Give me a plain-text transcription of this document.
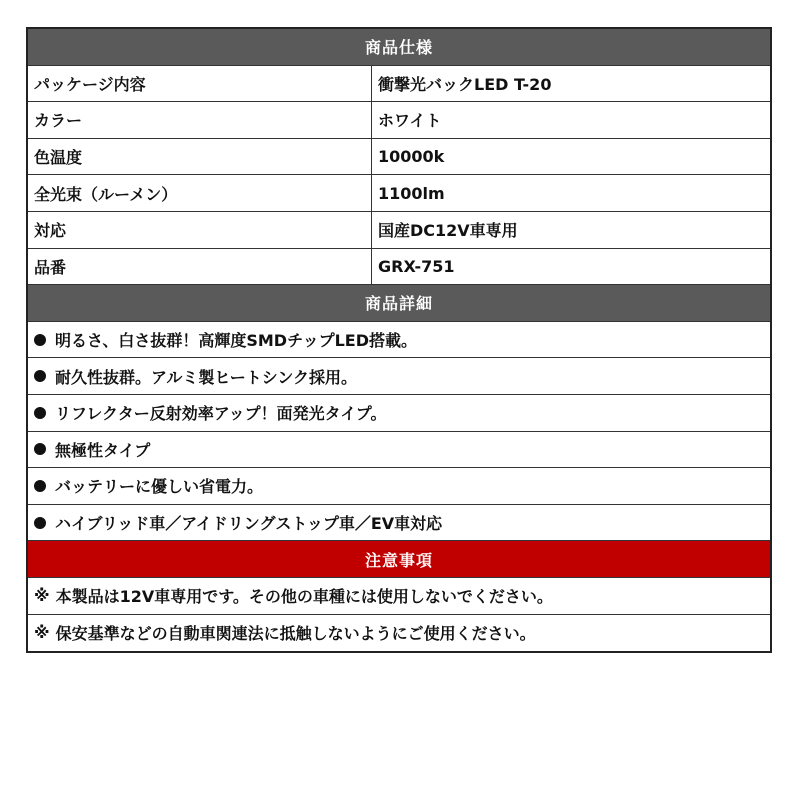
商品仕様
パッケージ内容	衝撃光バックLED T-20
カラー	ホワイト
色温度	10000k
全光束（ルーメン）	1100lm
対応	国産DC12V車専用
品番	GRX-751
商品詳細
明るさ、白さ抜群！高輝度SMDチップLED搭載。
耐久性抜群。アルミ製ヒートシンク採用。
リフレクター反射効率アップ！面発光タイプ。
無極性タイプ
バッテリーに優しい省電力。
ハイブリッド車／アイドリングストップ車／EV車対応
注意事項
※ 本製品は12V車専用です。その他の車種には使用しないでください。
※ 保安基準などの自動車関連法に抵触しないようにご使用ください。
